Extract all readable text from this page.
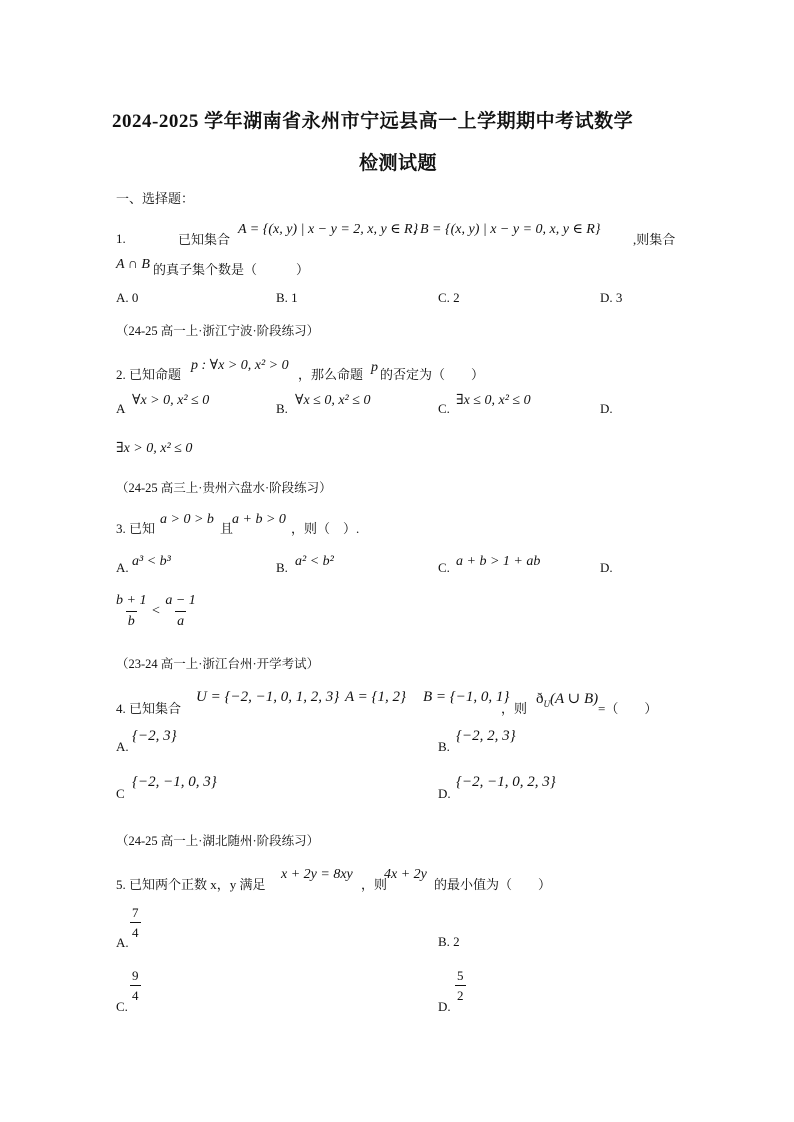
2024-2025 学年湖南省永州市宁远县高一上学期期中考试数学
检测试题
一、选择题：
1.	已知集合
A = {(x, y) | x − y = 2, x, y ∈ R}
, B = {(x, y) | x − y = 0, x, y ∈ R}
,则集合
A ∩ B 的真子集个数是（　　　）
A. 0	B. 1	C. 2	D. 3
（24-25 高一上·浙江宁波·阶段练习）
2. 已知命题
p : ∀x > 0, x² > 0
，那么命题 p 的否定为（　　）
A
∀x > 0, x² ≤ 0
B.
∀x ≤ 0, x² ≤ 0
C.
∃x ≤ 0, x² ≤ 0
D.
∃x > 0, x² ≤ 0
（24-25 高三上·贵州六盘水·阶段练习）
3. 已知
a > 0 > b
且
a + b > 0
，则（　）.
A. a³ < b³	B. a² < b²	C. a + b > 1 + ab	D.
$\frac{b + 1}{b} < \frac{a - 1}{a}$
（23-24 高一上·浙江台州·开学考试）
4. 已知集合
U = {−2, −1, 0, 1, 2, 3} A = {1, 2} B = {−1, 0, 1}
，则
$ð_U(A$ ∪ B)
=（　　）
A.
{−2, 3}
B.
{−2, 2, 3}
C
{−2, −1, 0, 3}
D.
{−2, −1, 0, 2, 3}
（24-25 高一上·湖北随州·阶段练习）
5. 已知两个正数 x，y 满足
x + 2y = 8xy
，则
4x + 2y
的最小值为（　　）
A.
$\frac{7}{4}$
B. 2
C.
$\frac{9}{4}$
D.
$\frac{5}{2}$
